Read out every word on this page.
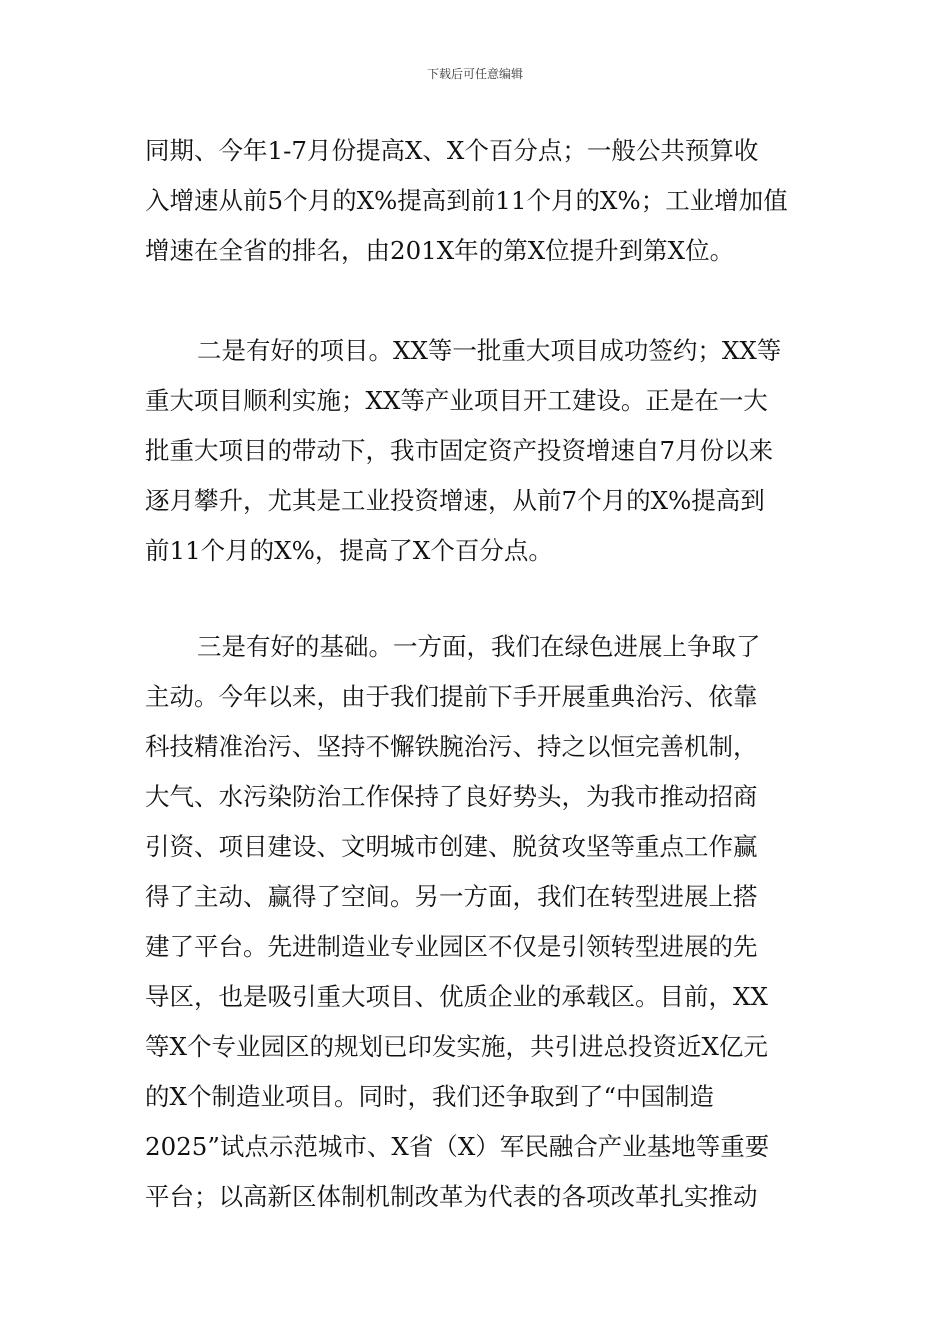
下载后可任意编辑
同期、今年1-7月份提高X、X个百分点；一般公共预算收
入增速从前5个月的X%提高到前11个月的X%；工业增加值
增速在全省的排名，由201X年的第X位提升到第X位。
二是有好的项目。XX等一批重大项目成功签约；XX等
重大项目顺利实施；XX等产业项目开工建设。正是在一大
批重大项目的带动下，我市固定资产投资增速自7月份以来
逐月攀升，尤其是工业投资增速，从前7个月的X%提高到
前11个月的X%，提高了X个百分点。
三是有好的基础。一方面，我们在绿色进展上争取了
主动。今年以来，由于我们提前下手开展重典治污、依靠
科技精准治污、坚持不懈铁腕治污、持之以恒完善机制，
大气、水污染防治工作保持了良好势头，为我市推动招商
引资、项目建设、文明城市创建、脱贫攻坚等重点工作赢
得了主动、赢得了空间。另一方面，我们在转型进展上搭
建了平台。先进制造业专业园区不仅是引领转型进展的先
导区，也是吸引重大项目、优质企业的承载区。目前，XX
等X个专业园区的规划已印发实施，共引进总投资近X亿元
的X个制造业项目。同时，我们还争取到了“中国制造
2025”试点示范城市、X省（X）军民融合产业基地等重要
平台；以高新区体制机制改革为代表的各项改革扎实推动
